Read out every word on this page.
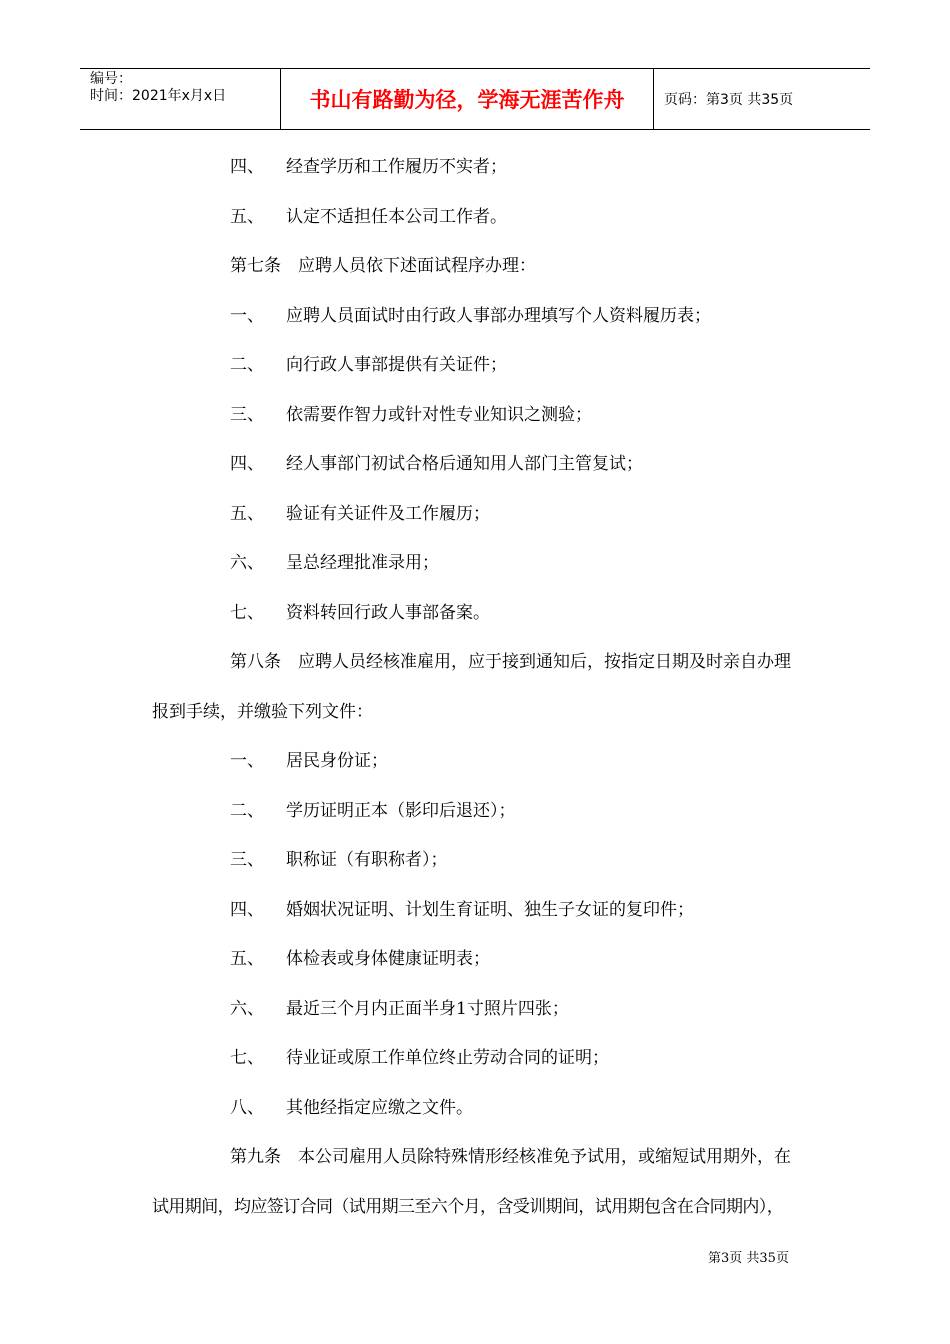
编号：
时间：2021年x月x日	书山有路勤为径，学海无涯苦作舟	页码：第3页 共35页
四、 经查学历和工作履历不实者；
五、 认定不适担任本公司工作者。
第七条　应聘人员依下述面试程序办理：
一、 应聘人员面试时由行政人事部办理填写个人资料履历表；
二、 向行政人事部提供有关证件；
三、 依需要作智力或针对性专业知识之测验；
四、 经人事部门初试合格后通知用人部门主管复试；
五、 验证有关证件及工作履历；
六、 呈总经理批准录用；
七、 资料转回行政人事部备案。
第八条　应聘人员经核准雇用，应于接到通知后，按指定日期及时亲自办理
报到手续，并缴验下列文件：
一、 居民身份证；
二、 学历证明正本（影印后退还）；
三、 职称证（有职称者）；
四、 婚姻状况证明、计划生育证明、独生子女证的复印件；
五、 体检表或身体健康证明表；
六、 最近三个月内正面半身1寸照片四张；
七、 待业证或原工作单位终止劳动合同的证明；
八、 其他经指定应缴之文件。
第九条　本公司雇用人员除特殊情形经核准免予试用，或缩短试用期外，在
试用期间，均应签订合同（试用期三至六个月，含受训期间，试用期包含在合同期内），
第3页 共35页
